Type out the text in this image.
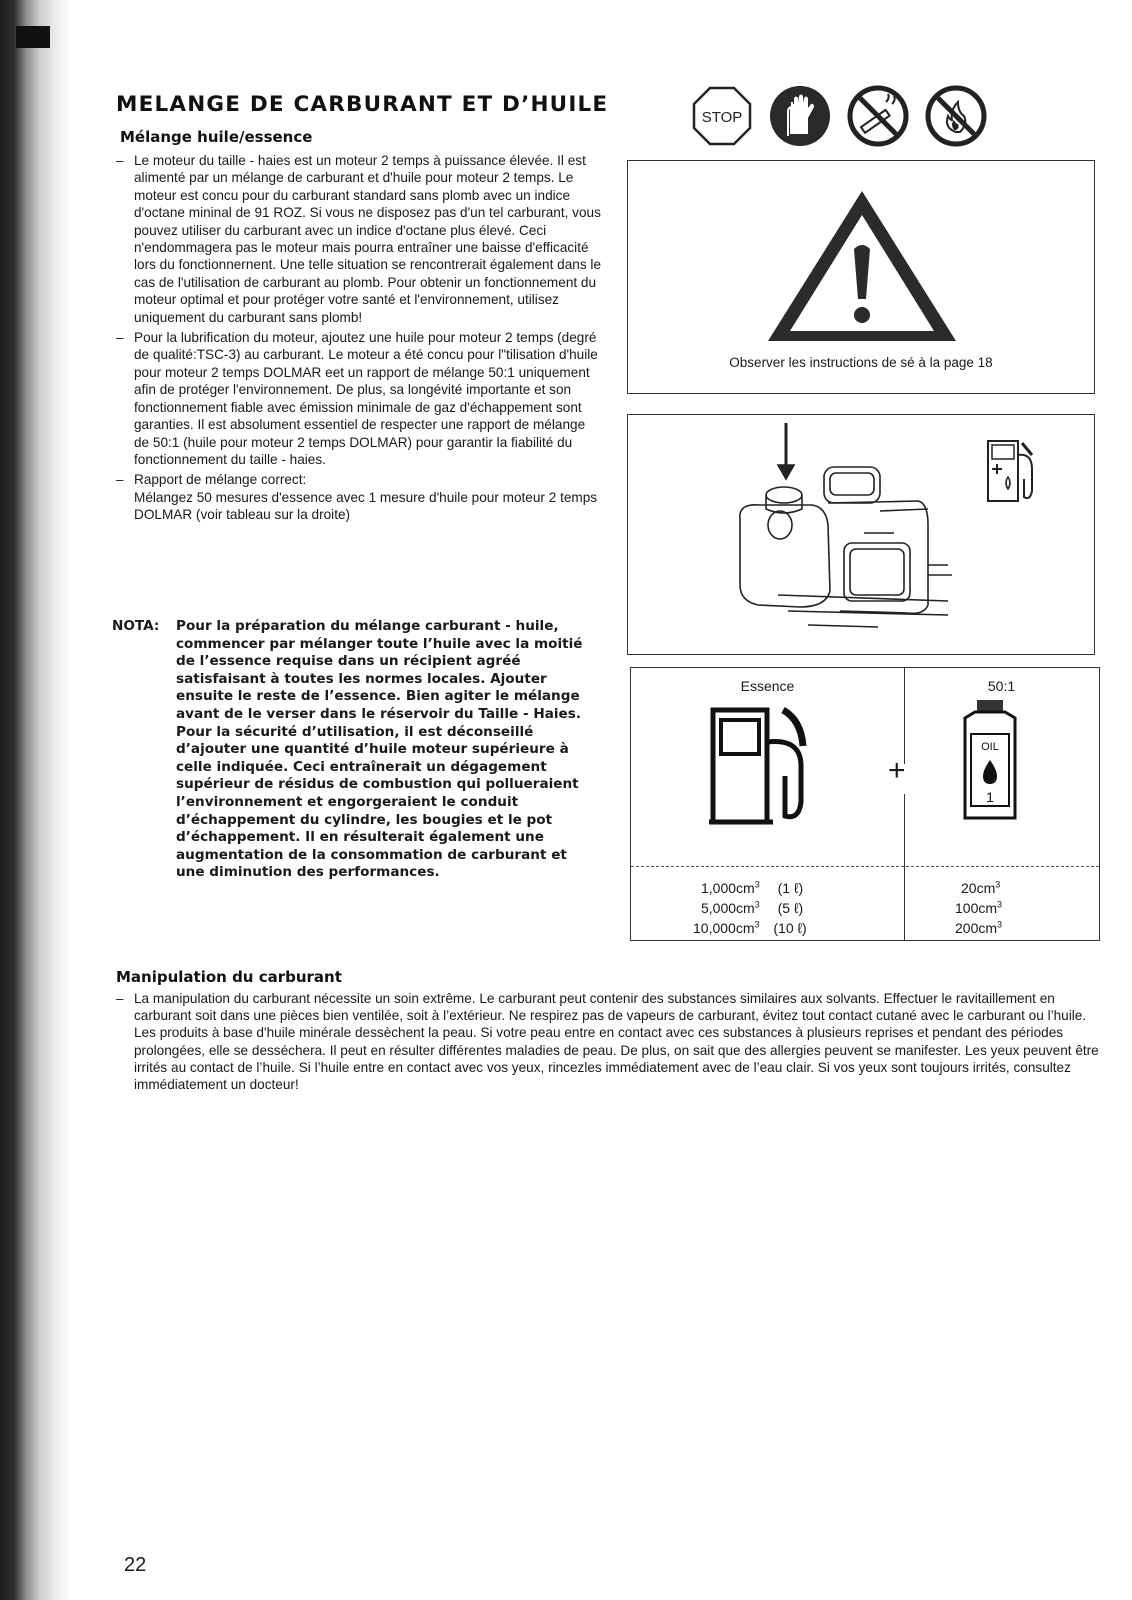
MELANGE DE CARBURANT ET D’HUILE
Mélange huile/essence
– Le moteur du taille - haies est un moteur 2 temps à puissance élevée. Il est alimenté par un mélange de carburant et d'huile pour moteur 2 temps. Le moteur est concu pour du carburant standard sans plomb avec un indice d'octane mininal de 91 ROZ. Si vous ne disposez pas d'un tel carburant, vous pouvez utiliser du carburant avec un indice d'octane plus élevé. Ceci n'endommagera pas le moteur mais pourra entraîner une baisse d'efficacité lors du fonctionnernent. Une telle situation se rencontrerait également dans le cas de l'utilisation de carburant au plomb. Pour obtenir un fonctionnement du moteur optimal et pour protéger votre santé et l'environnement, utilisez uniquement du carburant sans plomb!
– Pour la lubrification du moteur, ajoutez une huile pour moteur 2 temps (degré de qualité:TSC-3) au carburant. Le moteur a été concu pour l"tilisation d'huile pour moteur 2 temps DOLMAR eet un rapport de mélange 50:1 uniquement afin de protéger l'environnement. De plus, sa longévité importante et son fonctionnement fiable avec émission minimale de gaz d'échappement sont garanties. Il est absolument essentiel de respecter une rapport de mélange de 50:1 (huile pour moteur 2 temps DOLMAR) pour garantir la fiabilité du fonctionnement du taille - haies.
– Rapport de mélange correct:
Mélangez 50 mesures d'essence avec 1 mesure d'huile pour moteur 2 temps DOLMAR (voir tableau sur la droite)
NOTA: Pour la préparation du mélange carburant - huile, commencer par mélanger toute l’huile avec la moitié de l’essence requise dans un récipient agréé satisfaisant à toutes les normes locales. Ajouter ensuite le reste de l’essence. Bien agiter le mélange avant de le verser dans le réservoir du Taille - Haies. Pour la sécurité d’utilisation, il est déconseillé d’ajouter une quantité d’huile moteur supérieure à celle indiquée. Ceci entraînerait un dégagement supérieur de résidus de combustion qui pollueraient l’environnement et engorgeraient le conduit d’échappement du cylindre, les bougies et le pot d’échappement. Il en résulterait également une augmentation de la consommation de carburant et une diminution des performances.
STOP
Observer les instructions de sé à la page 18
Essence	50:1
+
OIL
1
$1,000cm^3$ (1 ℓ)
$5,000cm^3$ (5 ℓ)
$10,000cm^3$ (10 ℓ)
$20cm^3$
$100cm^3$
$200cm^3$
Manipulation du carburant
– La manipulation du carburant nécessite un soin extrême. Le carburant peut contenir des substances similaires aux solvants. Effectuer le ravitaillement en carburant soit dans une pièces bien ventilée, soit à l’extérieur. Ne respirez pas de vapeurs de carburant, évitez tout contact cutané avec le carburant ou l’huile. Les produits à base d'huile minérale dessèchent la peau. Si votre peau entre en contact avec ces substances à plusieurs reprises et pendant des périodes prolongées, elle se desséchera. Il peut en résulter différentes maladies de peau. De plus, on sait que des allergies peuvent se manifester. Les yeux peuvent être irrités au contact de l’huile. Si l’huile entre en contact avec vos yeux, rincezles immédiatement avec de l’eau clair. Si vos yeux sont toujours irrités, consultez immédiatement un docteur!
22
